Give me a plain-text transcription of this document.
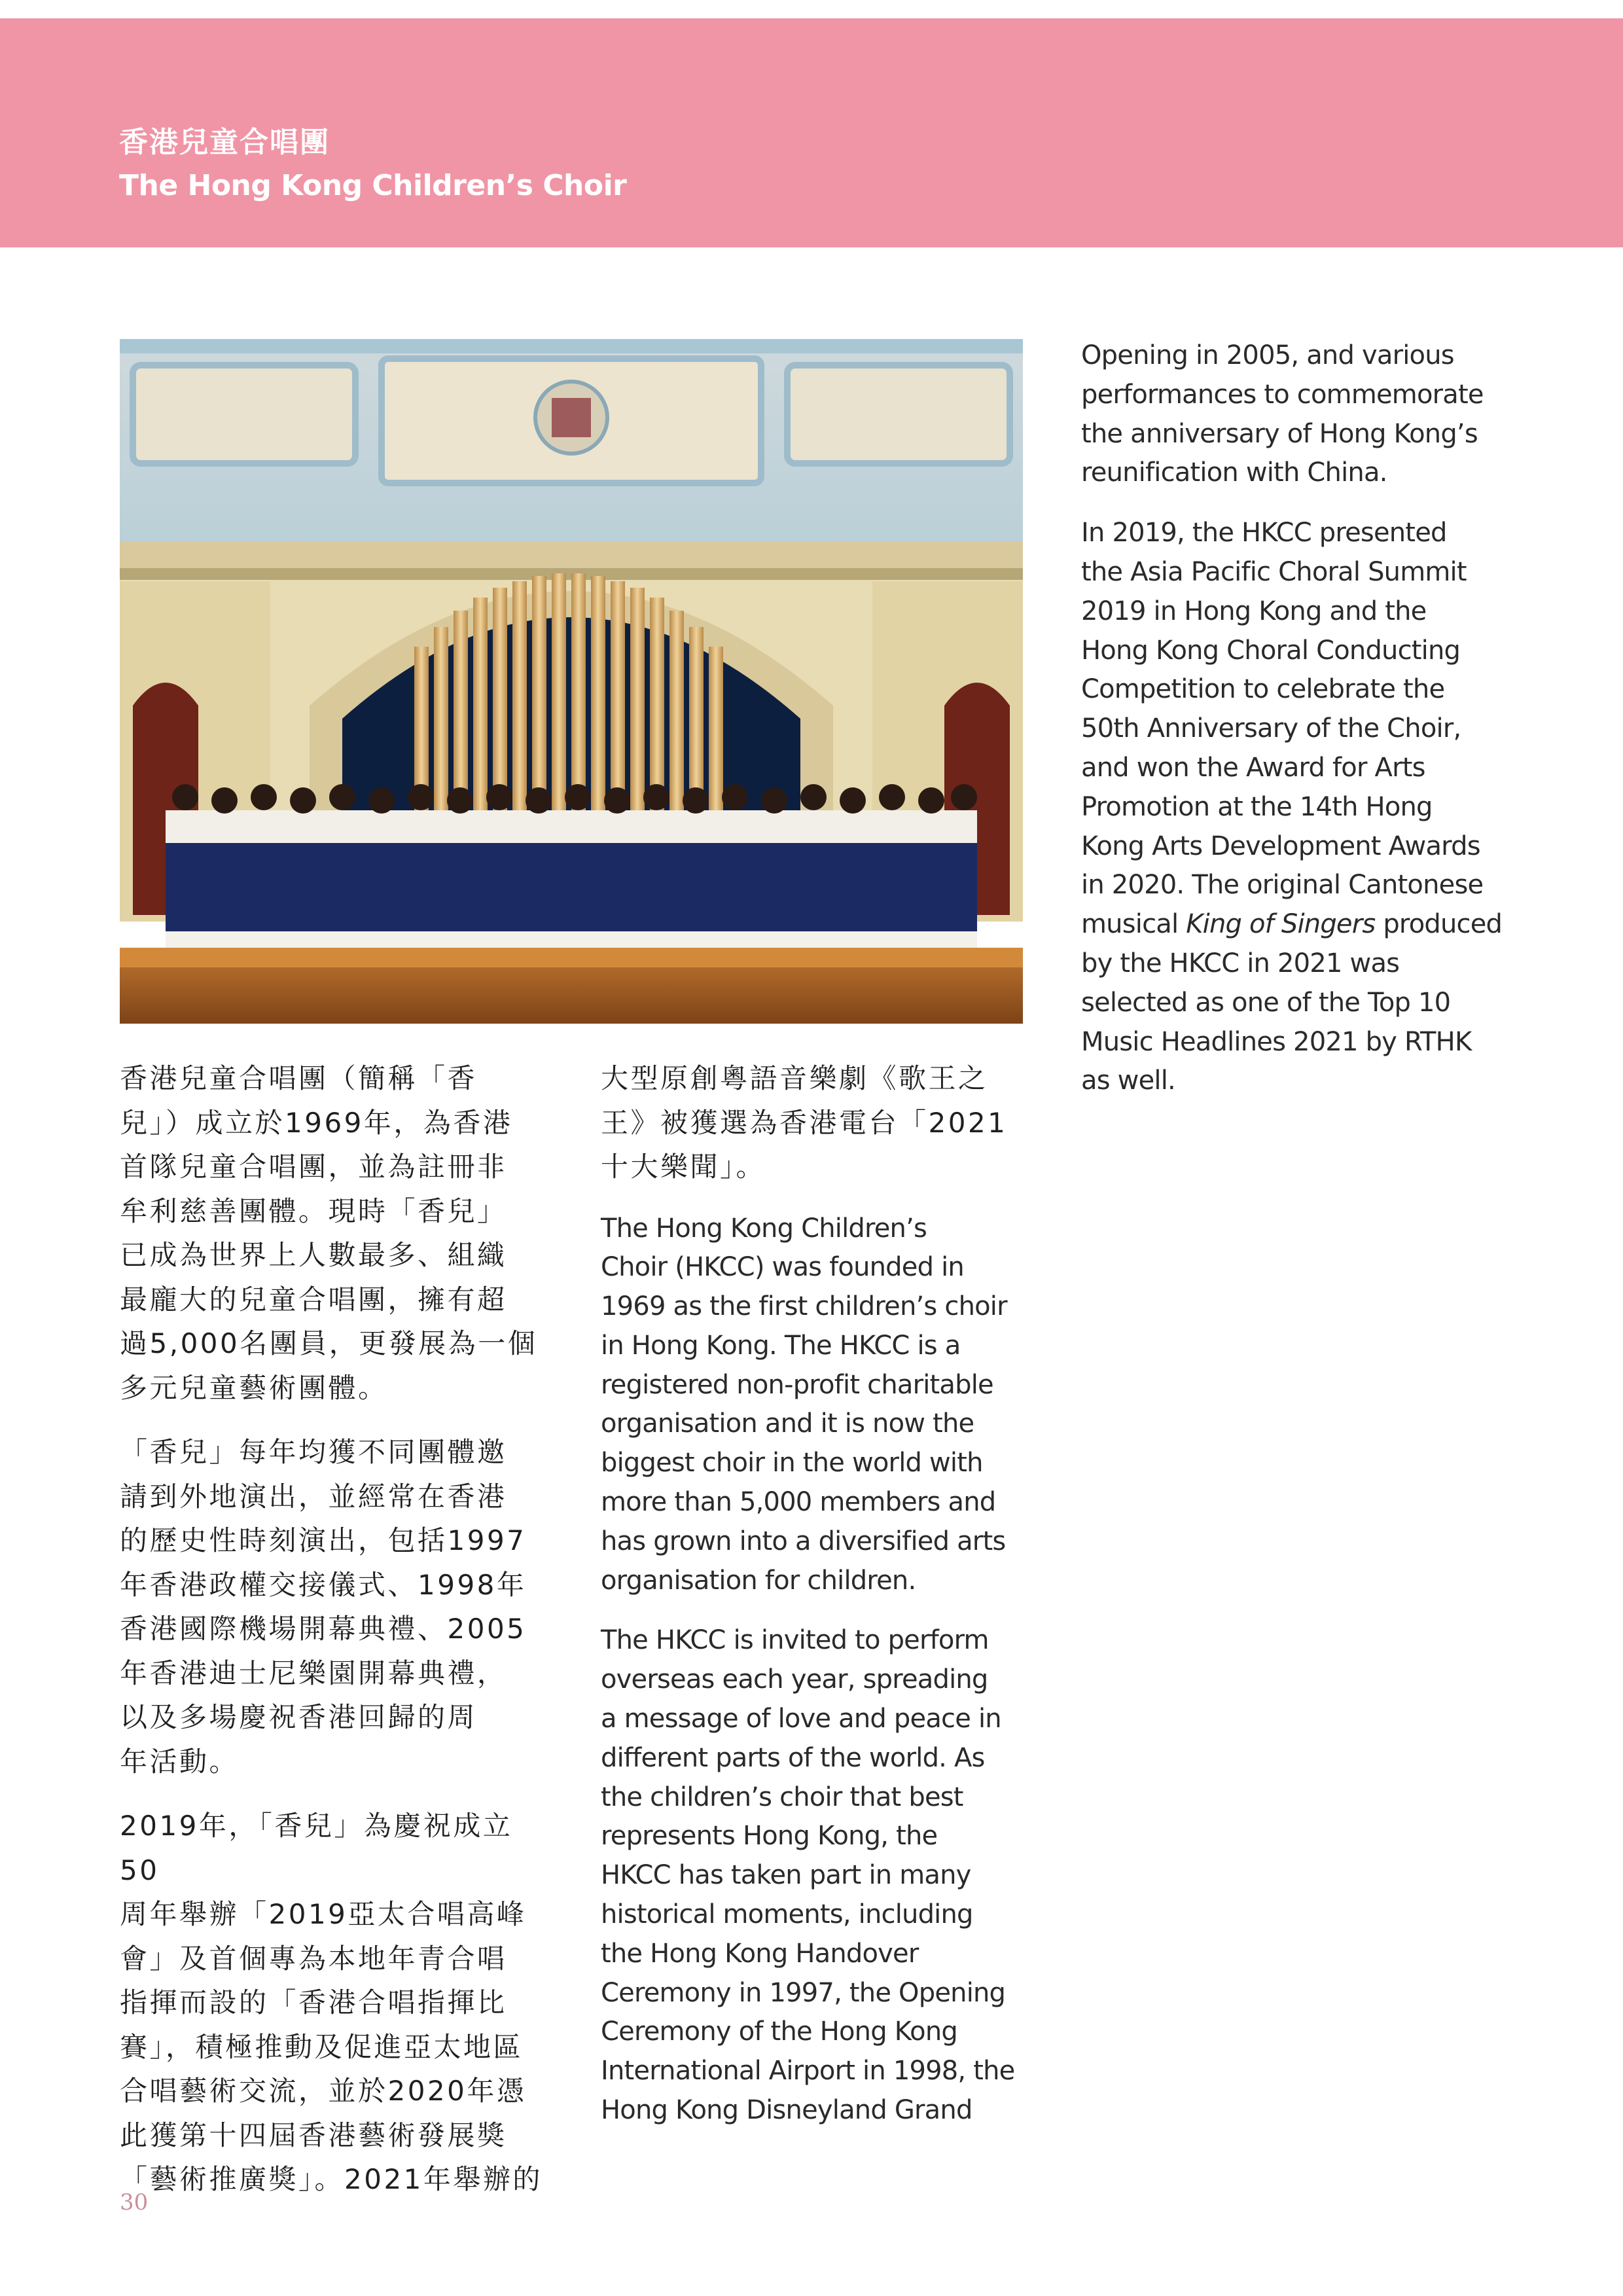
香港兒童合唱團
The Hong Kong Children’s Choir

香港兒童合唱團（簡稱「香
兒」）成立於1969年，為香港
首隊兒童合唱團，並為註冊非
牟利慈善團體。現時「香兒」
已成為世界上人數最多、組織
最龐大的兒童合唱團，擁有超
過5,000名團員，更發展為一個
多元兒童藝術團體。

「香兒」每年均獲不同團體邀
請到外地演出，並經常在香港
的歷史性時刻演出，包括1997
年香港政權交接儀式、1998年
香港國際機場開幕典禮、2005
年香港迪士尼樂園開幕典禮，
以及多場慶祝香港回歸的周
年活動。

2019年，「香兒」為慶祝成立50
周年舉辦「2019亞太合唱高峰
會」及首個專為本地年青合唱
指揮而設的「香港合唱指揮比
賽」，積極推動及促進亞太地區
合唱藝術交流，並於2020年憑
此獲第十四屆香港藝術發展獎
「藝術推廣獎」。2021年舉辦的

大型原創粵語音樂劇《歌王之
王》被獲選為香港電台「2021
十大樂聞」。

The Hong Kong Children’s
Choir (HKCC) was founded in
1969 as the first children’s choir
in Hong Kong. The HKCC is a
registered non-profit charitable
organisation and it is now the
biggest choir in the world with
more than 5,000 members and
has grown into a diversified arts
organisation for children.

The HKCC is invited to perform
overseas each year, spreading
a message of love and peace in
different parts of the world. As
the children’s choir that best
represents Hong Kong, the
HKCC has taken part in many
historical moments, including
the Hong Kong Handover
Ceremony in 1997, the Opening
Ceremony of the Hong Kong
International Airport in 1998, the
Hong Kong Disneyland Grand

Opening in 2005, and various
performances to commemorate
the anniversary of Hong Kong’s
reunification with China.

In 2019, the HKCC presented
the Asia Pacific Choral Summit
2019 in Hong Kong and the
Hong Kong Choral Conducting
Competition to celebrate the
50th Anniversary of the Choir,
and won the Award for Arts
Promotion at the 14th Hong
Kong Arts Development Awards
in 2020. The original Cantonese
musical King of Singers produced
by the HKCC in 2021 was
selected as one of the Top 10
Music Headlines 2021 by RTHK
as well.

30
